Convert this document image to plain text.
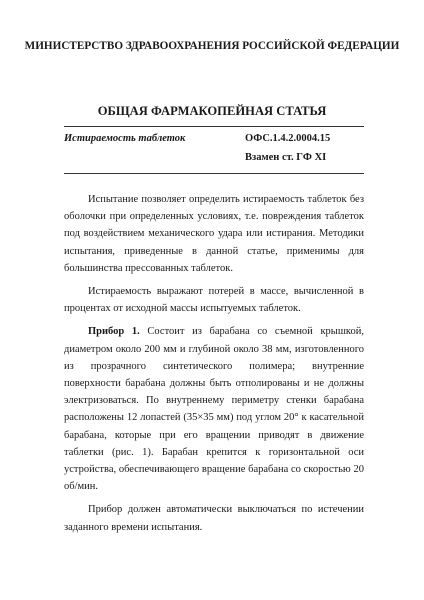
МИНИСТЕРСТВО ЗДРАВООХРАНЕНИЯ РОССИЙСКОЙ ФЕДЕРАЦИИ
ОБЩАЯ ФАРМАКОПЕЙНАЯ СТАТЬЯ
Истираемость таблеток	ОФС.1.4.2.0004.15
Взамен ст. ГФ XI

Испытание позволяет определить истираемость таблеток без оболочки при определенных условиях, т.е. повреждения таблеток под воздействием механического удара или истирания. Методики испытания, приведенные в данной статье, применимы для большинства прессованных таблеток.

Истираемость выражают потерей в массе, вычисленной в процентах от исходной массы испытуемых таблеток.

Прибор 1. Состоит из барабана со съемной крышкой, диаметром около 200 мм и глубиной около 38 мм, изготовленного из прозрачного синтетического полимера; внутренние поверхности барабана должны быть отполированы и не должны электризоваться. По внутреннему периметру стенки барабана расположены 12 лопастей (35×35 мм) под углом 20° к касательной барабана, которые при его вращении приводят в движение таблетки (рис. 1). Барабан крепится к горизонтальной оси устройства, обеспечивающего вращение барабана со скоростью 20 об/мин.

Прибор должен автоматически выключаться по истечении заданного времени испытания.
